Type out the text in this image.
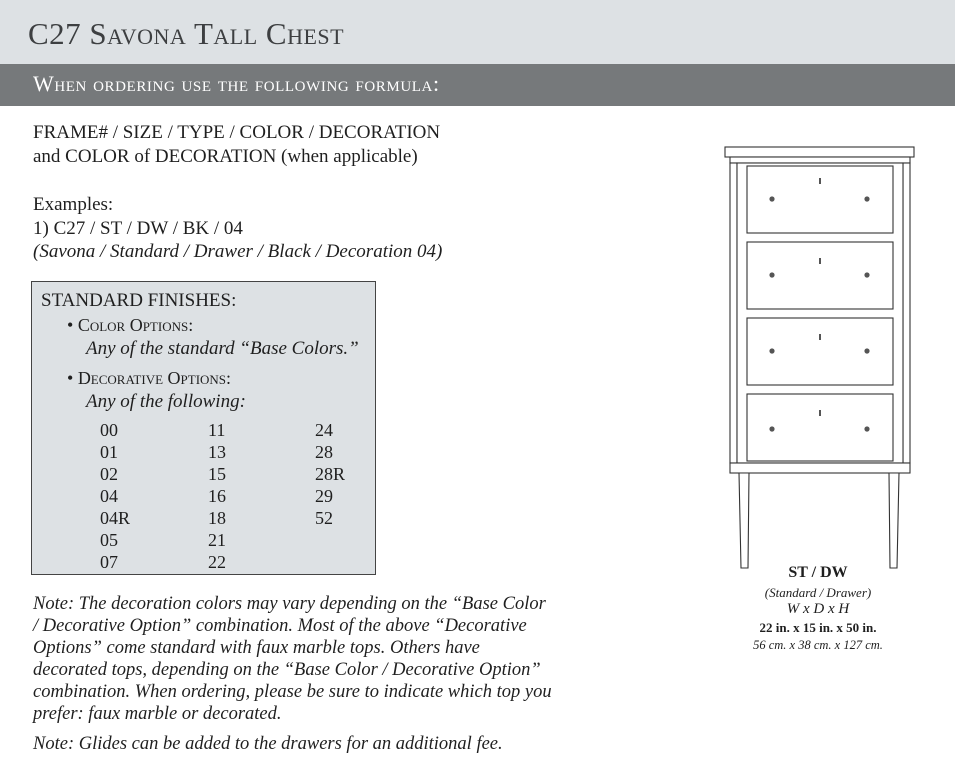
C27 Savona Tall Chest
When ordering use the following formula:
FRAME# / SIZE / TYPE / COLOR / DECORATION
and COLOR of DECORATION (when applicable)
Examples:
1) C27 / ST / DW / BK / 04
(Savona / Standard / Drawer / Black / Decoration 04)
STANDARD FINISHES:
• Color Options:
Any of the standard “Base Colors.”
• Decorative Options:
Any of the following:
00
01
02
04
04R
05
07
11
13
15
16
18
21
22
24
28
28R
29
52
Note: The decoration colors may vary depending on the “Base Color / Decorative Option” combination. Most of the above “Decorative Options” come standard with faux marble tops. Others have decorated tops, depending on the “Base Color / Decorative Option” combination. When ordering, please be sure to indicate which top you prefer: faux marble or decorated.
Note: Glides can be added to the drawers for an additional fee.
ST / DW
(Standard / Drawer)
W x D x H
22 in. x 15 in. x 50 in.
56 cm. x 38 cm. x 127 cm.
